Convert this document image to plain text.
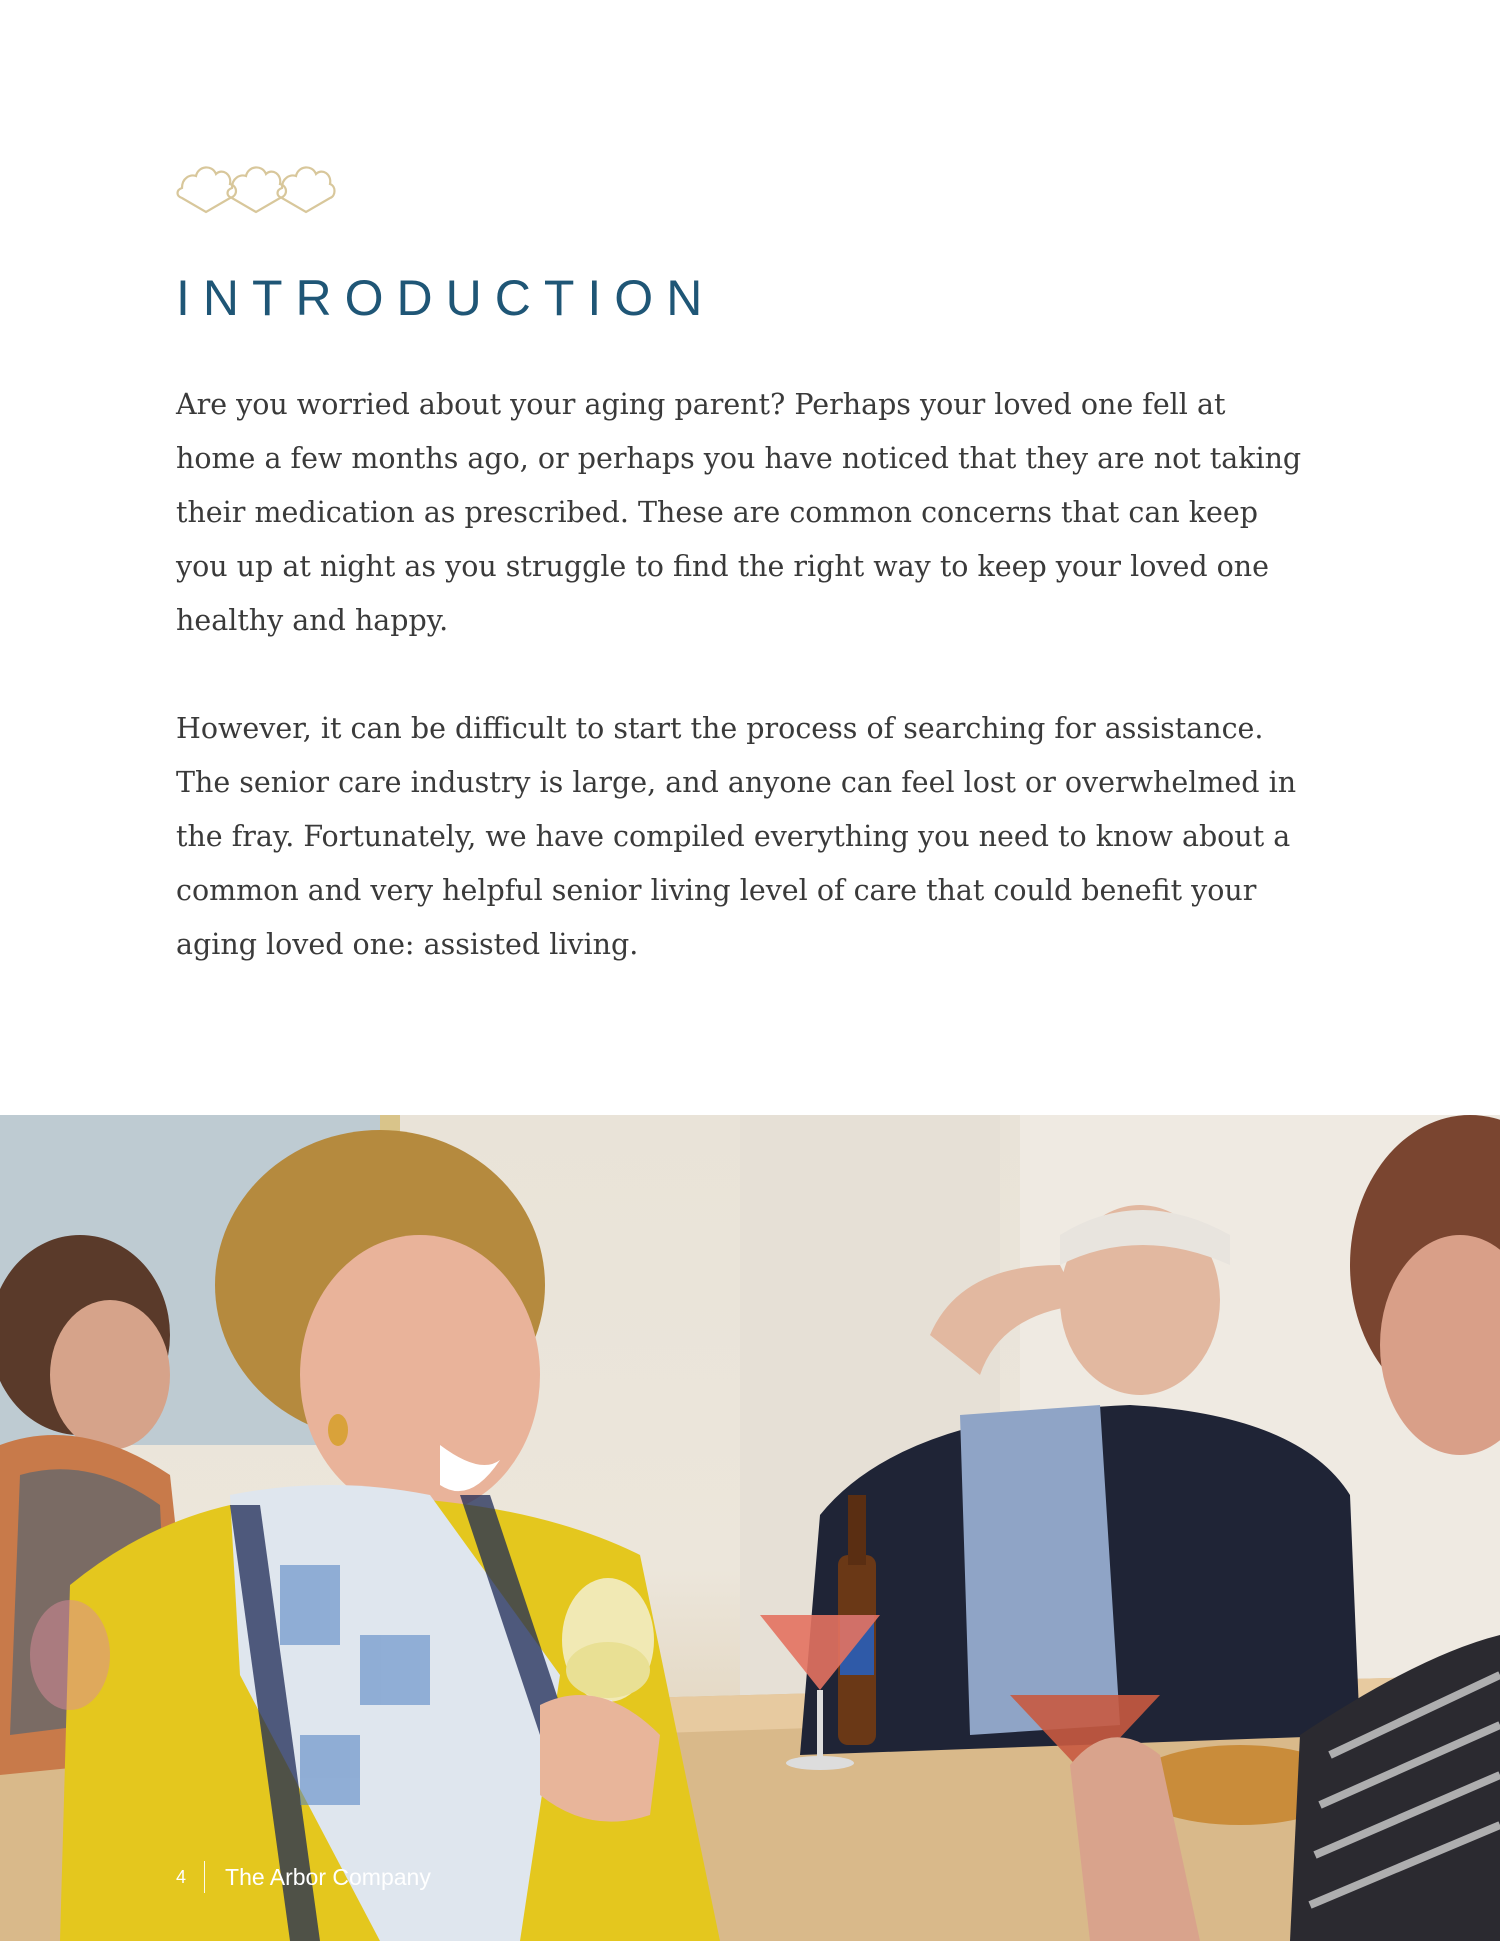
INTRODUCTION

Are you worried about your aging parent? Perhaps your loved one fell at home a few months ago, or perhaps you have noticed that they are not taking their medication as prescribed. These are common concerns that can keep you up at night as you struggle to find the right way to keep your loved one healthy and happy.

However, it can be difficult to start the process of searching for assistance. The senior care industry is large, and anyone can feel lost or overwhelmed in the fray. Fortunately, we have compiled everything you need to know about a common and very helpful senior living level of care that could benefit your aging loved one: assisted living.

4 The Arbor Company
